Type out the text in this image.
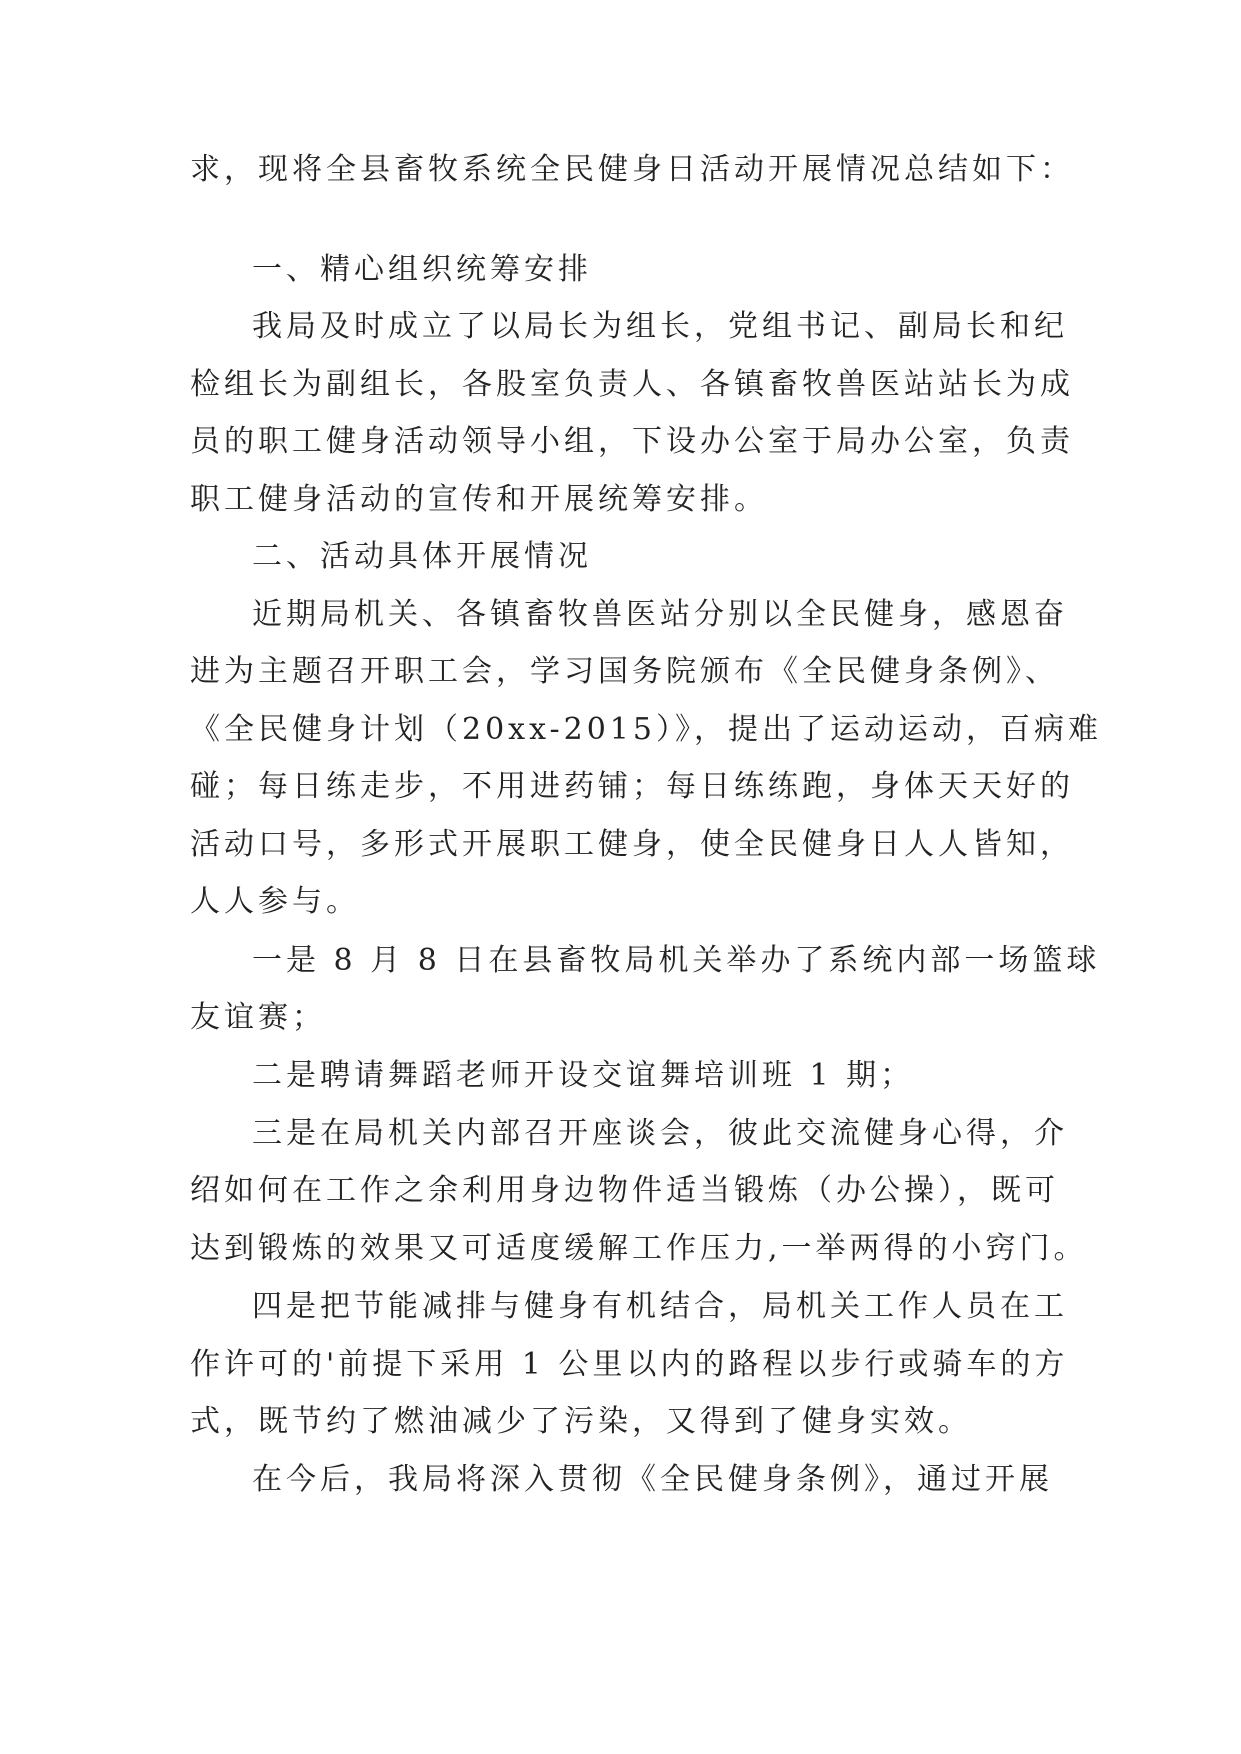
求，现将全县畜牧系统全民健身日活动开展情况总结如下：
一、精心组织统筹安排
我局及时成立了以局长为组长，党组书记、副局长和纪
检组长为副组长，各股室负责人、各镇畜牧兽医站站长为成
员的职工健身活动领导小组，下设办公室于局办公室，负责
职工健身活动的宣传和开展统筹安排。
二、活动具体开展情况
近期局机关、各镇畜牧兽医站分别以全民健身，感恩奋
进为主题召开职工会，学习国务院颁布《全民健身条例》、
《全民健身计划（20xx-2015）》，提出了运动运动，百病难
碰；每日练走步，不用进药铺；每日练练跑，身体天天好的
活动口号，多形式开展职工健身，使全民健身日人人皆知，
人人参与。
一是 8 月 8 日在县畜牧局机关举办了系统内部一场篮球
友谊赛；
二是聘请舞蹈老师开设交谊舞培训班 1 期；
三是在局机关内部召开座谈会，彼此交流健身心得，介
绍如何在工作之余利用身边物件适当锻炼（办公操），既可
达到锻炼的效果又可适度缓解工作压力,一举两得的小窍门。
四是把节能减排与健身有机结合，局机关工作人员在工
作许可的'前提下采用 1 公里以内的路程以步行或骑车的方
式，既节约了燃油减少了污染，又得到了健身实效。
在今后，我局将深入贯彻《全民健身条例》，通过开展
